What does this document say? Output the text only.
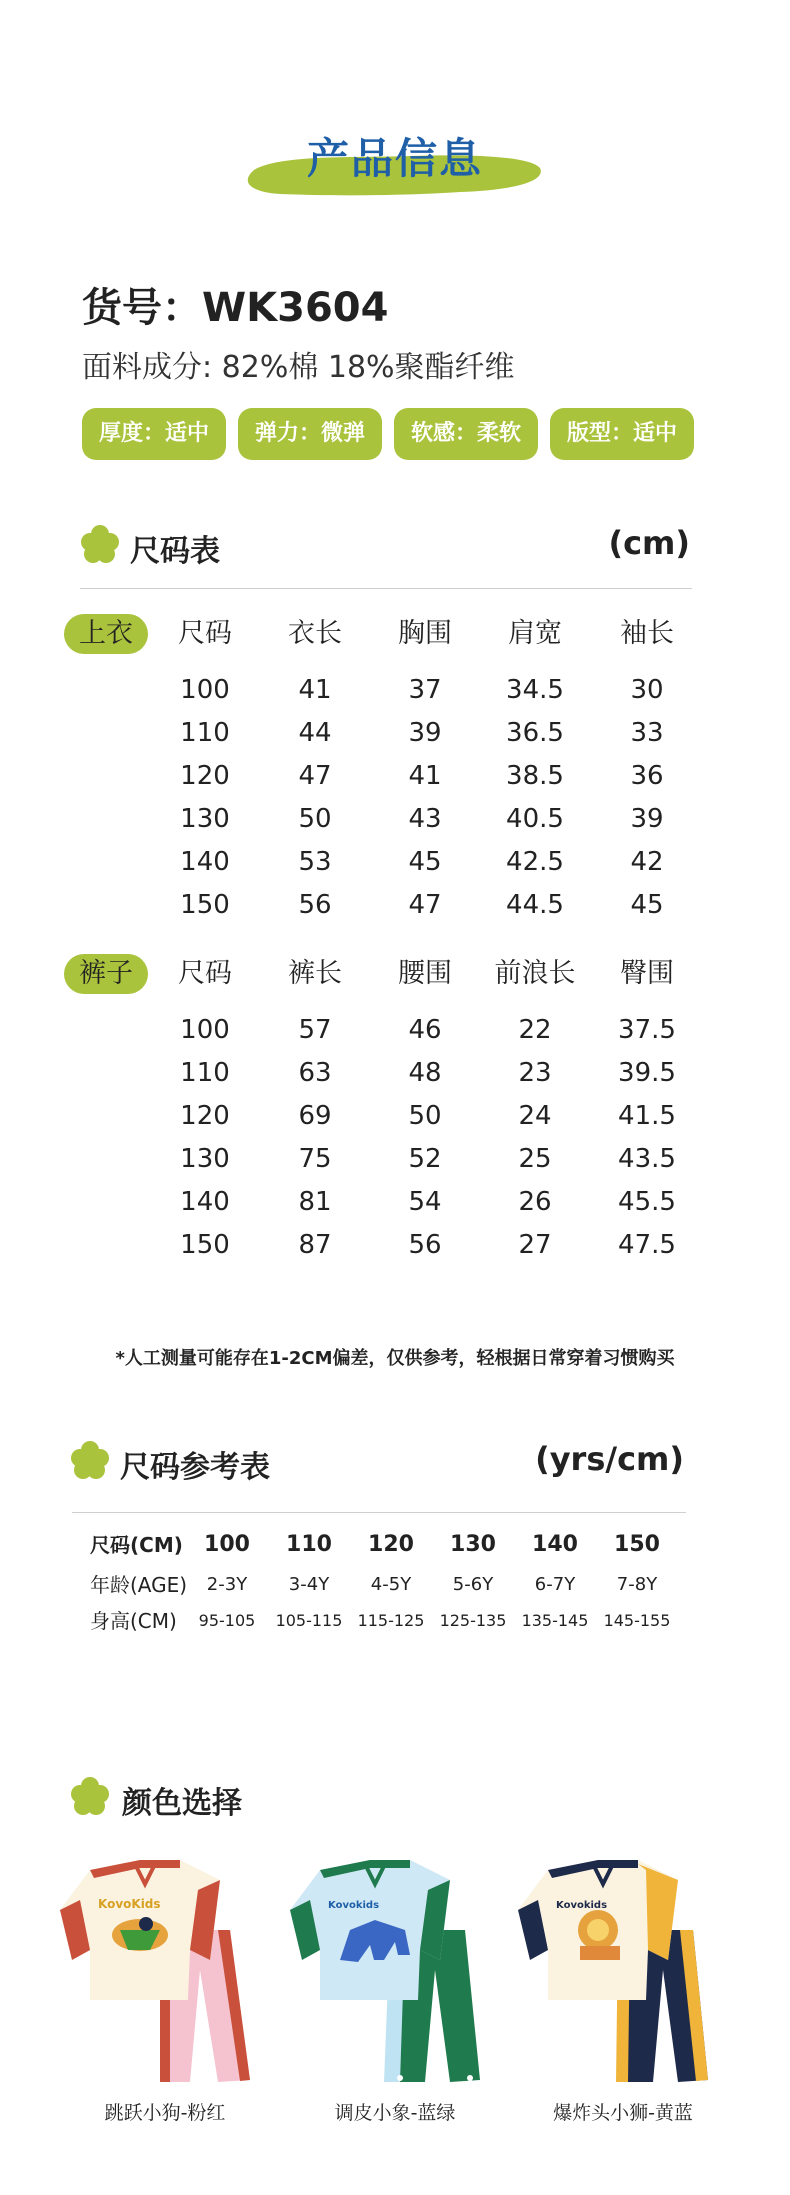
产品信息
货号：WK3604
面料成分: 82%棉 18%聚酯纤维
厚度：适中	弹力：微弹	软感：柔软	版型：适中
尺码表	(cm)
上衣	尺码	衣长	胸围	肩宽	袖长
100	41	37	34.5	30
110	44	39	36.5	33
120	47	41	38.5	36
130	50	43	40.5	39
140	53	45	42.5	42
150	56	47	44.5	45
裤子	尺码	裤长	腰围	前浪长	臀围
100	57	46	22	37.5
110	63	48	23	39.5
120	69	50	24	41.5
130	75	52	25	43.5
140	81	54	26	45.5
150	87	56	27	47.5
*人工测量可能存在1-2CM偏差，仅供参考，轻根据日常穿着习惯购买
尺码参考表	(yrs/cm)
尺码(CM) 100	110	120	130	140	150
年龄(AGE)	2-3Y	3-4Y	4-5Y	5-6Y	6-7Y	7-8Y
身高(CM)	95-105	105-115 115-125 125-135 135-145 145-155
颜色选择
KovoKids
跳跃小狗-粉红
Kovokids
调皮小象-蓝绿
Kovokids
爆炸头小狮-黄蓝
